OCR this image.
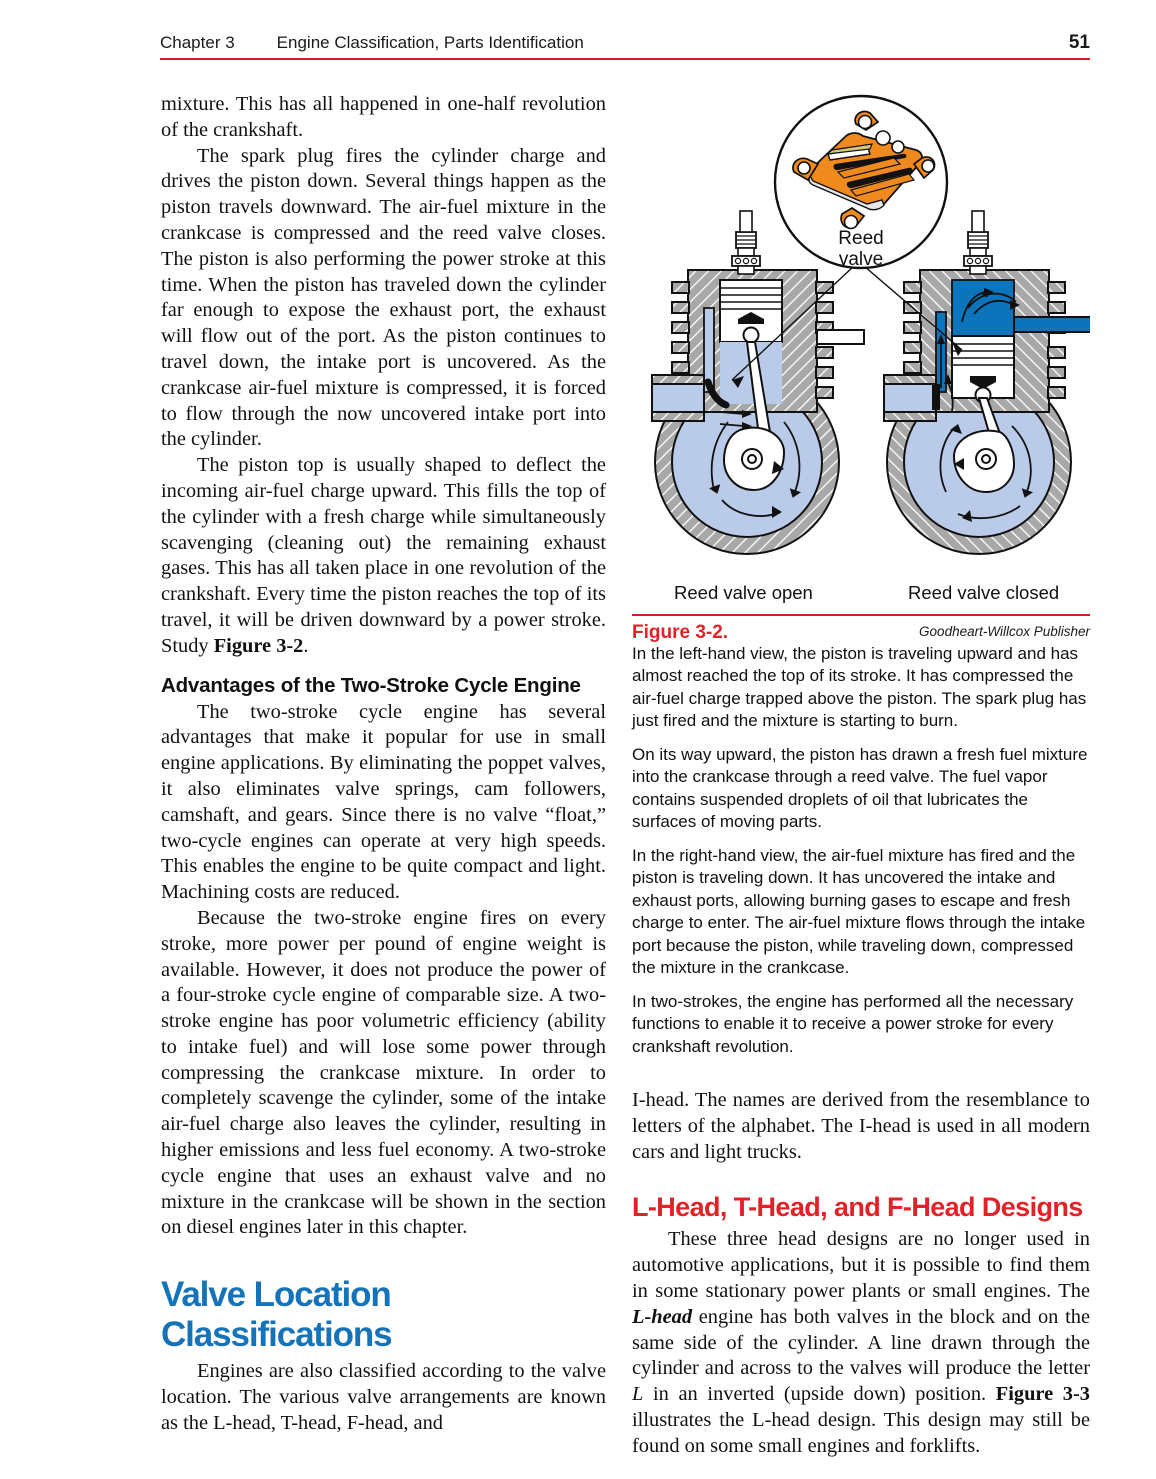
Chapter 3 Engine Classification, Parts Identification	51

mixture. This has all happened in one-half revolution of the crankshaft.

The spark plug fires the cylinder charge and drives the piston down. Several things happen as the piston travels downward. The air-fuel mixture in the crankcase is compressed and the reed valve closes. The piston is also performing the power stroke at this time. When the piston has traveled down the cylinder far enough to expose the exhaust port, the exhaust will flow out of the port. As the piston continues to travel down, the intake port is uncovered. As the crankcase air-fuel mixture is compressed, it is forced to flow through the now uncovered intake port into the cylinder.

The piston top is usually shaped to deflect the incoming air-fuel charge upward. This fills the top of the cylinder with a fresh charge while simultaneously scavenging (cleaning out) the remaining exhaust gases. This has all taken place in one revolution of the crankshaft. Every time the piston reaches the top of its travel, it will be driven downward by a power stroke. Study Figure 3-2.

Advantages of the Two-Stroke Cycle Engine

The two-stroke cycle engine has several advantages that make it popular for use in small engine applications. By eliminating the poppet valves, it also eliminates valve springs, cam followers, camshaft, and gears. Since there is no valve “float,” two-cycle engines can operate at very high speeds. This enables the engine to be quite compact and light. Machining costs are reduced.

Because the two-stroke engine fires on every stroke, more power per pound of engine weight is available. However, it does not produce the power of a four-stroke cycle engine of comparable size. A two-stroke engine has poor volumetric efficiency (ability to intake fuel) and will lose some power through compressing the crankcase mixture. In order to completely scavenge the cylinder, some of the intake air-fuel charge also leaves the cylinder, resulting in higher emissions and less fuel economy. A two-stroke cycle engine that uses an exhaust valve and no mixture in the crankcase will be shown in the section on diesel engines later in this chapter.

Valve Location Classifications

Engines are also classified according to the valve location. The various valve arrangements are known as the L-head, T-head, F-head, and

Reed
valve
Reed valve open	Reed valve closed
Figure 3-2.	Goodheart-Willcox Publisher

In the left-hand view, the piston is traveling upward and has almost reached the top of its stroke. It has compressed the air-fuel charge trapped above the piston. The spark plug has just fired and the mixture is starting to burn.

On its way upward, the piston has drawn a fresh fuel mixture into the crankcase through a reed valve. The fuel vapor contains suspended droplets of oil that lubricates the surfaces of moving parts.

In the right-hand view, the air-fuel mixture has fired and the piston is traveling down. It has uncovered the intake and exhaust ports, allowing burning gases to escape and fresh charge to enter. The air-fuel mixture flows through the intake port because the piston, while traveling down, compressed the mixture in the crankcase.

In two-strokes, the engine has performed all the necessary functions to enable it to receive a power stroke for every crankshaft revolution.

I-head. The names are derived from the resemblance to letters of the alphabet. The I-head is used in all modern cars and light trucks.

L-Head, T-Head, and F-Head Designs

These three head designs are no longer used in automotive applications, but it is possible to find them in some stationary power plants or small engines. The L-head engine has both valves in the block and on the same side of the cylinder. A line drawn through the cylinder and across to the valves will produce the letter L in an inverted (upside down) position. Figure 3-3 illustrates the L-head design. This design may still be found on some small engines and forklifts.
